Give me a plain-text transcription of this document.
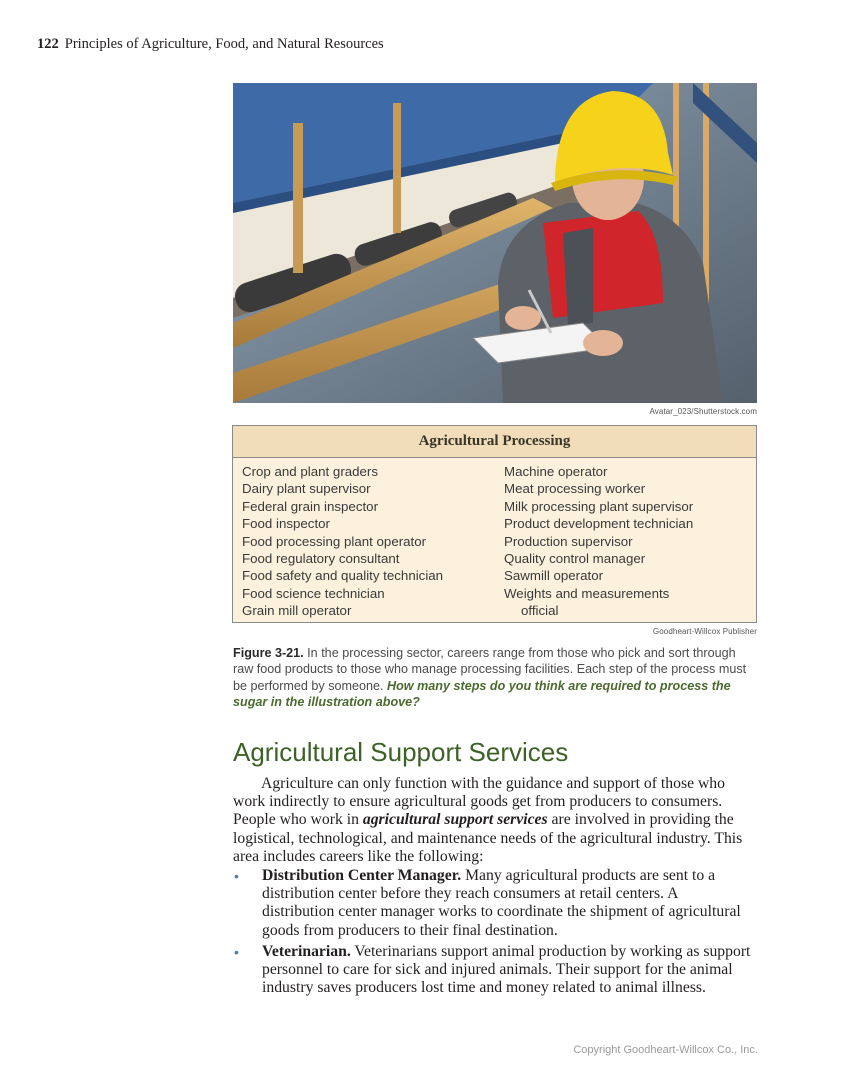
122 Principles of Agriculture, Food, and Natural Resources
Avatar_023/Shutterstock.com
Agricultural Processing
Crop and plant graders
Dairy plant supervisor
Federal grain inspector
Food inspector
Food processing plant operator
Food regulatory consultant
Food safety and quality technician
Food science technician
Grain mill operator
Machine operator
Meat processing worker
Milk processing plant supervisor
Product development technician
Production supervisor
Quality control manager
Sawmill operator
Weights and measurements
official
Goodheart-Willcox Publisher
Figure 3-21. In the processing sector, careers range from those who pick and sort through raw food products to those who manage processing facilities. Each step of the process must be performed by someone. How many steps do you think are required to process the sugar in the illustration above?
Agricultural Support Services

Agriculture can only function with the guidance and support of those who work indirectly to ensure agricultural goods get from producers to consumers. People who work in agricultural support services are involved in providing the logistical, technological, and maintenance needs of the agricultural industry. This area includes careers like the following:

• Distribution Center Manager. Many agricultural products are sent to a distribution center before they reach consumers at retail centers. A distribution center manager works to coordinate the shipment of agricultural goods from producers to their final destination.
• Veterinarian. Veterinarians support animal production by working as support personnel to care for sick and injured animals. Their support for the animal industry saves producers lost time and money related to animal illness.
Copyright Goodheart-Willcox Co., Inc.
